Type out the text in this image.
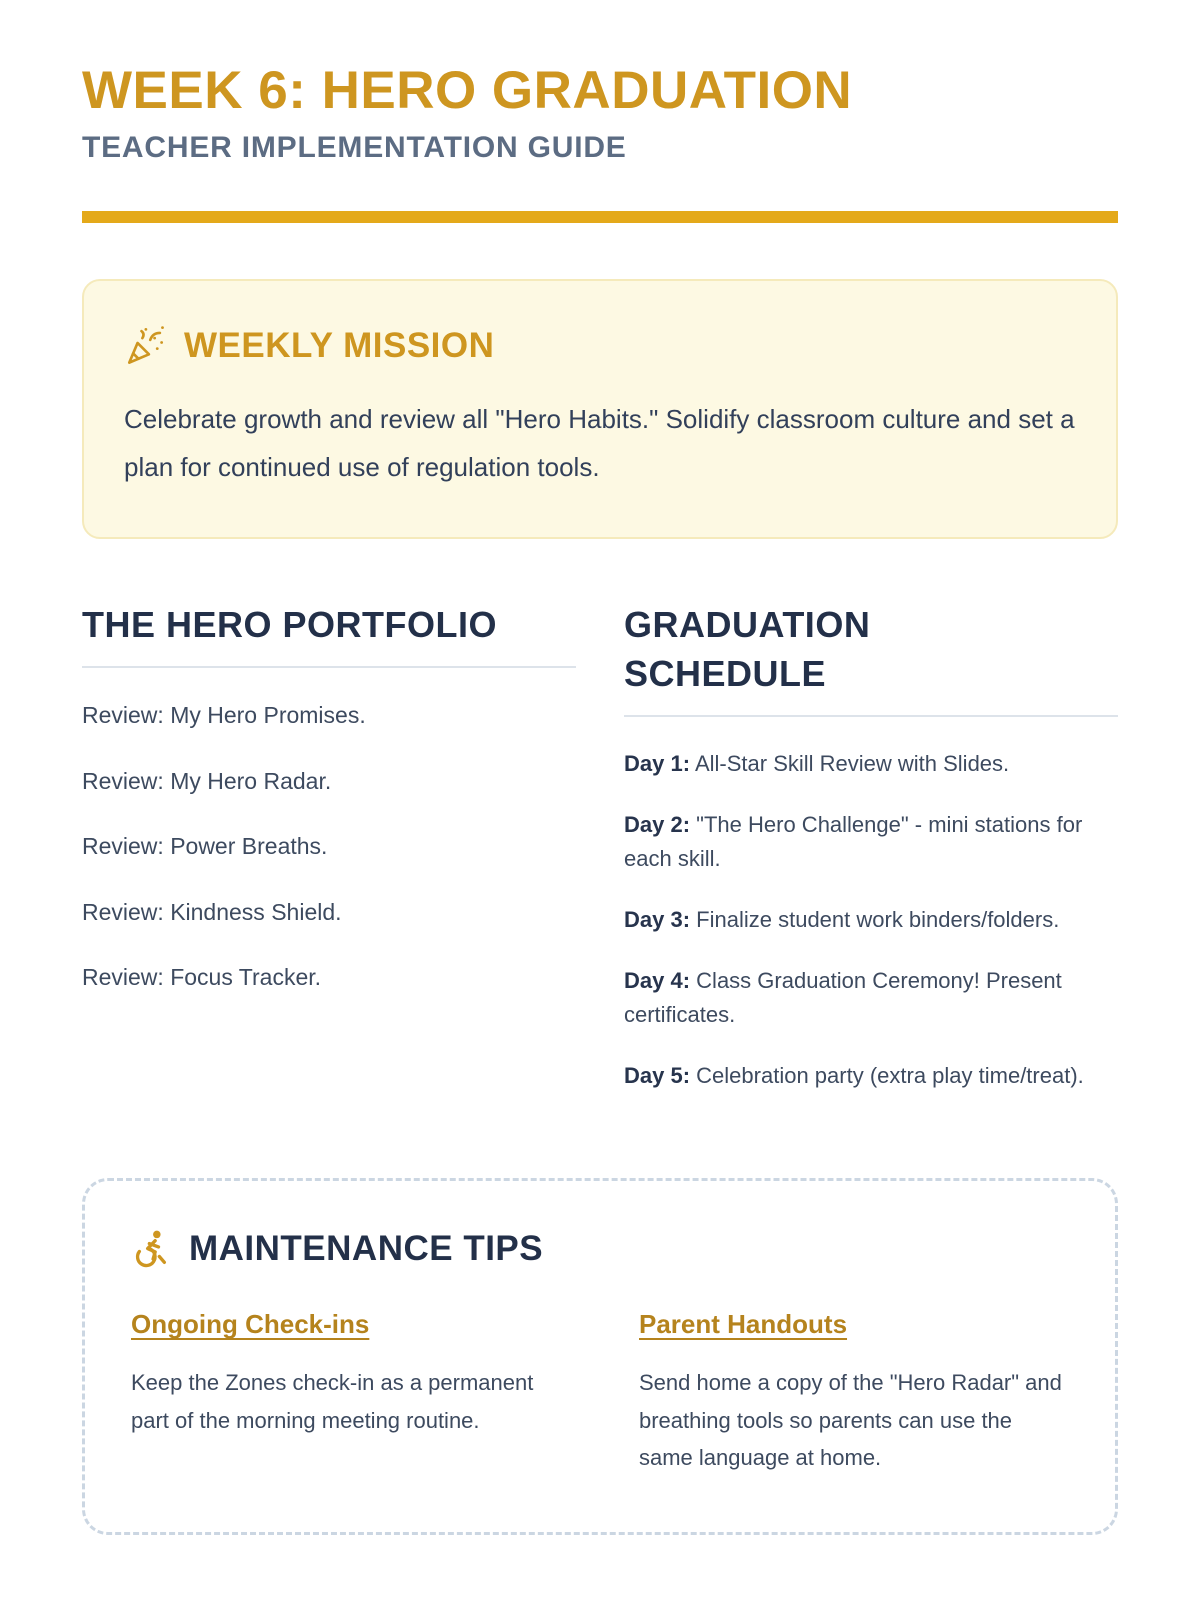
WEEK 6: HERO GRADUATION
TEACHER IMPLEMENTATION GUIDE
WEEKLY MISSION

Celebrate growth and review all "Hero Habits." Solidify classroom culture and set a plan for continued use of regulation tools.

THE HERO PORTFOLIO

Review: My Hero Promises.

Review: My Hero Radar.

Review: Power Breaths.

Review: Kindness Shield.

Review: Focus Tracker.

GRADUATION SCHEDULE

Day 1: All-Star Skill Review with Slides.

Day 2: "The Hero Challenge" - mini stations for each skill.

Day 3: Finalize student work binders/folders.

Day 4: Class Graduation Ceremony! Present certificates.

Day 5: Celebration party (extra play time/treat).

MAINTENANCE TIPS
Ongoing Check-ins

Keep the Zones check-in as a permanent part of the morning meeting routine.

Parent Handouts

Send home a copy of the "Hero Radar" and breathing tools so parents can use the same language at home.
